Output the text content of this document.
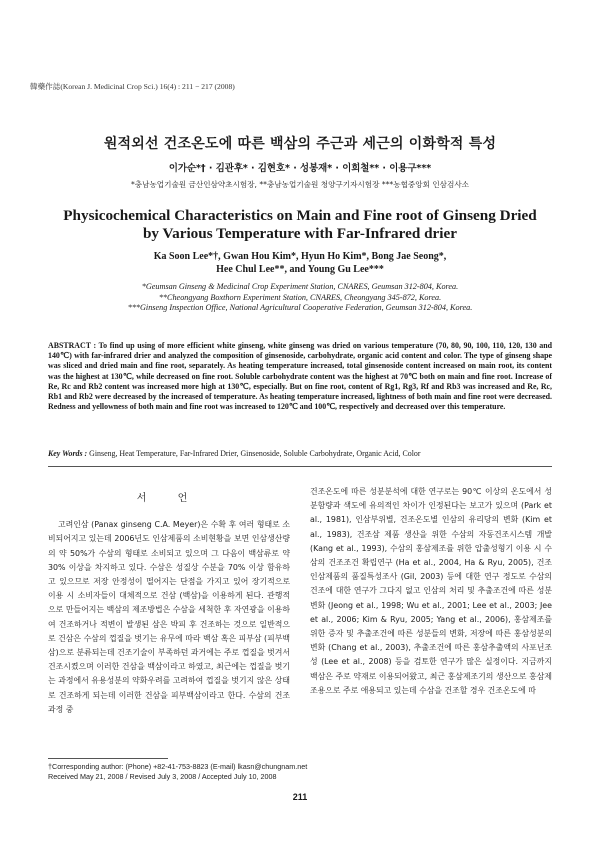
韓藥作誌(Korean J. Medicinal Crop Sci.) 16(4) : 211 − 217 (2008)
원적외선 건조온도에 따른 백삼의 주근과 세근의 이화학적 특성
이가순*† · 김관후* · 김현호* · 성봉재* · 이희철** · 이용구***
*충남농업기술원 금산인삼약초시험장, **충남농업기술원 청양구기자시험장 ***농협중앙회 인삼검사소
Physicochemical Characteristics on Main and Fine root of Ginseng Dried
by Various Temperature with Far-Infrared drier
Ka Soon Lee*†, Gwan Hou Kim*, Hyun Ho Kim*, Bong Jae Seong*,
Hee Chul Lee**, and Young Gu Lee***
*Geumsan Ginseng & Medicinal Crop Experiment Station, CNARES, Geumsan 312-804, Korea.
**Cheongyang Boxthorn Experiment Station, CNARES, Cheongyang 345-872, Korea.
***Ginseng Inspection Office, National Agricultural Cooperative Federation, Geumsan 312-804, Korea.
ABSTRACT : To find up using of more efficient white ginseng, white ginseng was dried on various temperature (70, 80, 90, 100, 110, 120, 130 and 140℃) with far-infrared drier and analyzed the composition of ginsenoside, carbohydrate, organic acid content and color. The type of ginseng shape was sliced and dried main and fine root, separately. As heating temperature increased, total ginsenoside content increased on main root, its content was the highest at 130℃, while decreased on fine root. Soluble carbohydrate content was the highest at 70℃ both on main and fine root. Increase of Re, Rc and Rb2 content was increased more high at 130℃, especially. But on fine root, content of Rg1, Rg3, Rf and Rb3 was increased and Re, Rc, Rb1 and Rb2 were decreased by the increased of temperature. As heating temperature increased, lightness of both main and fine root were decreased. Redness and yellowness of both main and fine root was increased to 120℃ and 100℃, respectively and decreased over this temperature.
Key Words : Ginseng, Heat Temperature, Far-Infrared Drier, Ginsenoside, Soluble Carbohydrate, Organic Acid, Color
서 언

고려인삼 (Panax ginseng C.A. Meyer)은 수확 후 여러 형태로 소비되어지고 있는데 2006년도 인삼제품의 소비현황을 보면 인삼생산량의 약 50%가 수삼의 형태로 소비되고 있으며 그 다음이 백삼류로 약 30% 이상을 차지하고 있다. 수삼은 성질상 수분을 70% 이상 함유하고 있으므로 저장 안정성이 떨어지는 단점을 가지고 있어 장기적으로 이용 시 소비자들이 대체적으로 건삼 (백삼)을 이용하게 된다. 관행적으로 만들어지는 백삼의 제조방법은 수삼을 세척한 후 자연광을 이용하여 건조하거나 적변이 발생된 삼은 박피 후 건조하는 것으로 일반적으로 건삼은 수삼의 껍질을 벗기는 유무에 따라 백삼 혹은 피부삼 (피부백삼)으로 분류되는데 건조기술이 부족하던 과거에는 주로 껍질을 벗겨서 건조시켰으며 이러한 건삼을 백삼이라고 하였고, 최근에는 껍질을 벗기는 과정에서 유용성분의 약화우려를 고려하여 껍질을 벗기지 않은 상태로 건조하게 되는데 이러한 건삼을 피부백삼이라고 한다. 수삼의 건조과정 중

건조온도에 따른 성분분석에 대한 연구로는 90℃ 이상의 온도에서 성분함량과 색도에 유의적인 차이가 인정된다는 보고가 있으며 (Park et al., 1981), 인삼부위별, 건조온도별 인삼의 유리당의 변화 (Kim et al., 1983), 건조삼 제품 생산을 위한 수삼의 자동건조시스템 개발 (Kang et al., 1993), 수삼의 홍삼제조를 위한 압출성형기 이용 시 수삼의 건조조건 확립연구 (Ha et al., 2004, Ha & Ryu, 2005), 건조인삼제품의 품질특성조사 (Gil, 2003) 등에 대한 연구 정도로 수삼의 건조에 대한 연구가 그다지 없고 인삼의 처리 및 추출조건에 따른 성분변화 (Jeong et al., 1998; Wu et al., 2001; Lee et al., 2003; Jee et al., 2006; Kim & Ryu, 2005; Yang et al., 2006), 홍삼제조를 위한 증자 및 추출조건에 따른 성분들의 변화, 저장에 따른 홍삼성분의 변화 (Chang et al., 2003), 추출조건에 따른 홍삼추출액의 사포닌조성 (Lee et al., 2008) 등을 검토한 연구가 많은 실정이다. 지금까지 백삼은 주로 약재로 이용되어왔고, 최근 홍삼제조기의 생산으로 홍삼제조용으로 주로 애용되고 있는데 수삼을 건조할 경우 건조온도에 따

†Corresponding author: (Phone) +82-41-753-8823 (E-mail) lkasn@chungnam.net
Received May 21, 2008 / Revised July 3, 2008 / Accepted July 10, 2008
211
